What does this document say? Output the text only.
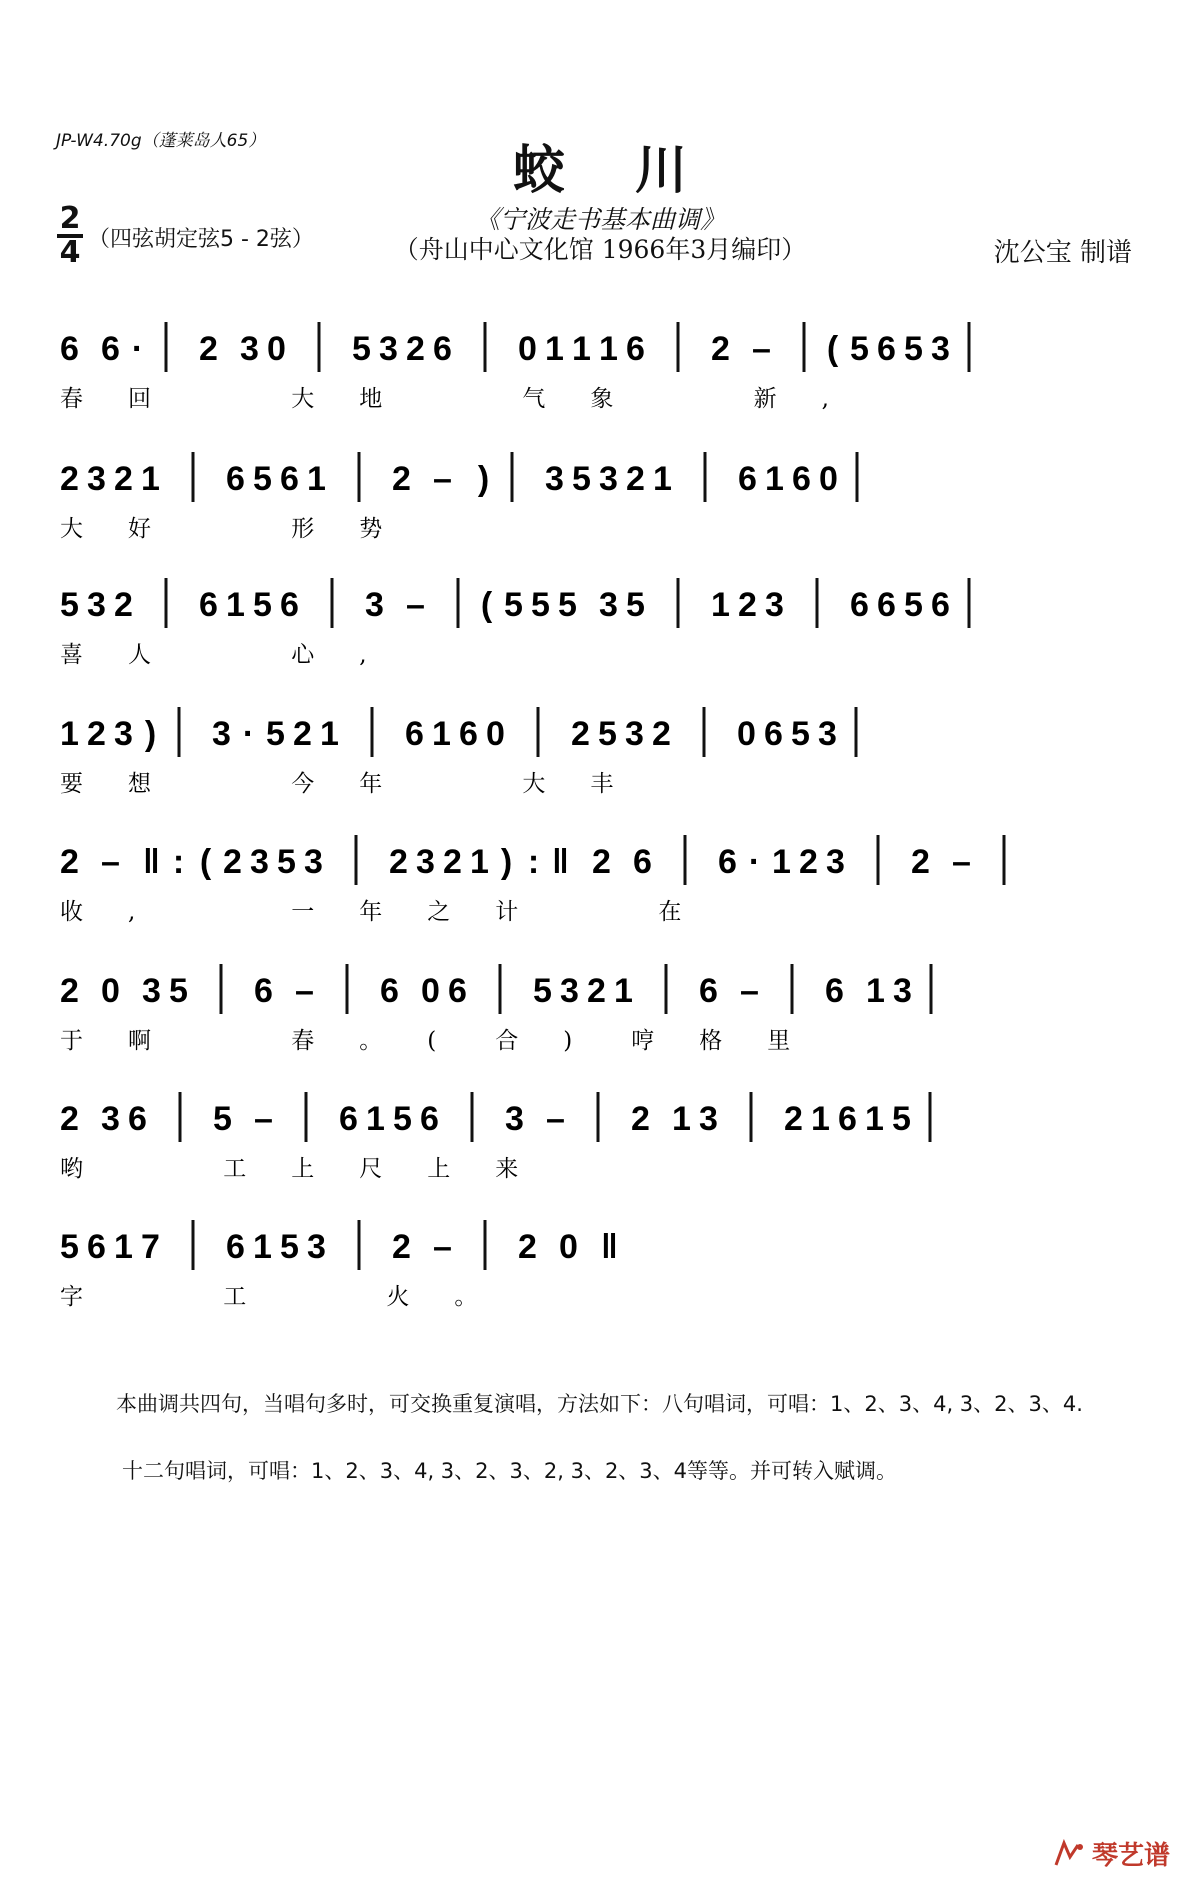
JP-W4.70g（蓬莱岛人65）	蛟川
《宁波走书基本曲调》
（舟山中心文化馆 1966年3月编印）	沈公宝 制谱
2
4 （四弦胡定弦5 - 2弦）
6 6 · 2 3 0 5 3 2 6 0 1 1 1 6 2 – ( 5 6 5 3
春 回	大 地	气 象	新 ,
2 3 2 1 6 5 6 1 2 – ) 3 5 3 2 1 6 1 6 0
大 好	形 势
5 3 2 6 1 5 6 3 – ( 5 5 5 3 5 1 2 3 6 6 5 6
喜 人	心 ,
1 2 3 ) 3 · 5 2 1 6 1 6 0 2 5 3 2 0 6 5 3
要 想	今 年	大 丰
2 – ‖ : ( 2 3 5 3 2 3 2 1 ) : ‖ 2 6 6 · 1 2 3 2 –
收 ,	一 年 之 计	在
2 0 3 5 6 – 6 0 6 5 3 2 1 6 – 6 1 3
于 啊	春 。 (	合 )	哼 格 里
2 3 6 5 – 6 1 5 6 3 – 2 1 3 2 1 6 1 5
哟	工 上 尺 上 来
5 6 1 7 6 1 5 3 2 – 2 0 ‖
字	工	火 。
本曲调共四句，当唱句多时，可交换重复演唱，方法如下：八句唱词，可唱：1、2、3、4, 3、2、3、4.
十二句唱词，可唱：1、2、3、4, 3、2、3、2, 3、2、3、4等等。并可转入赋调。
琴艺谱
